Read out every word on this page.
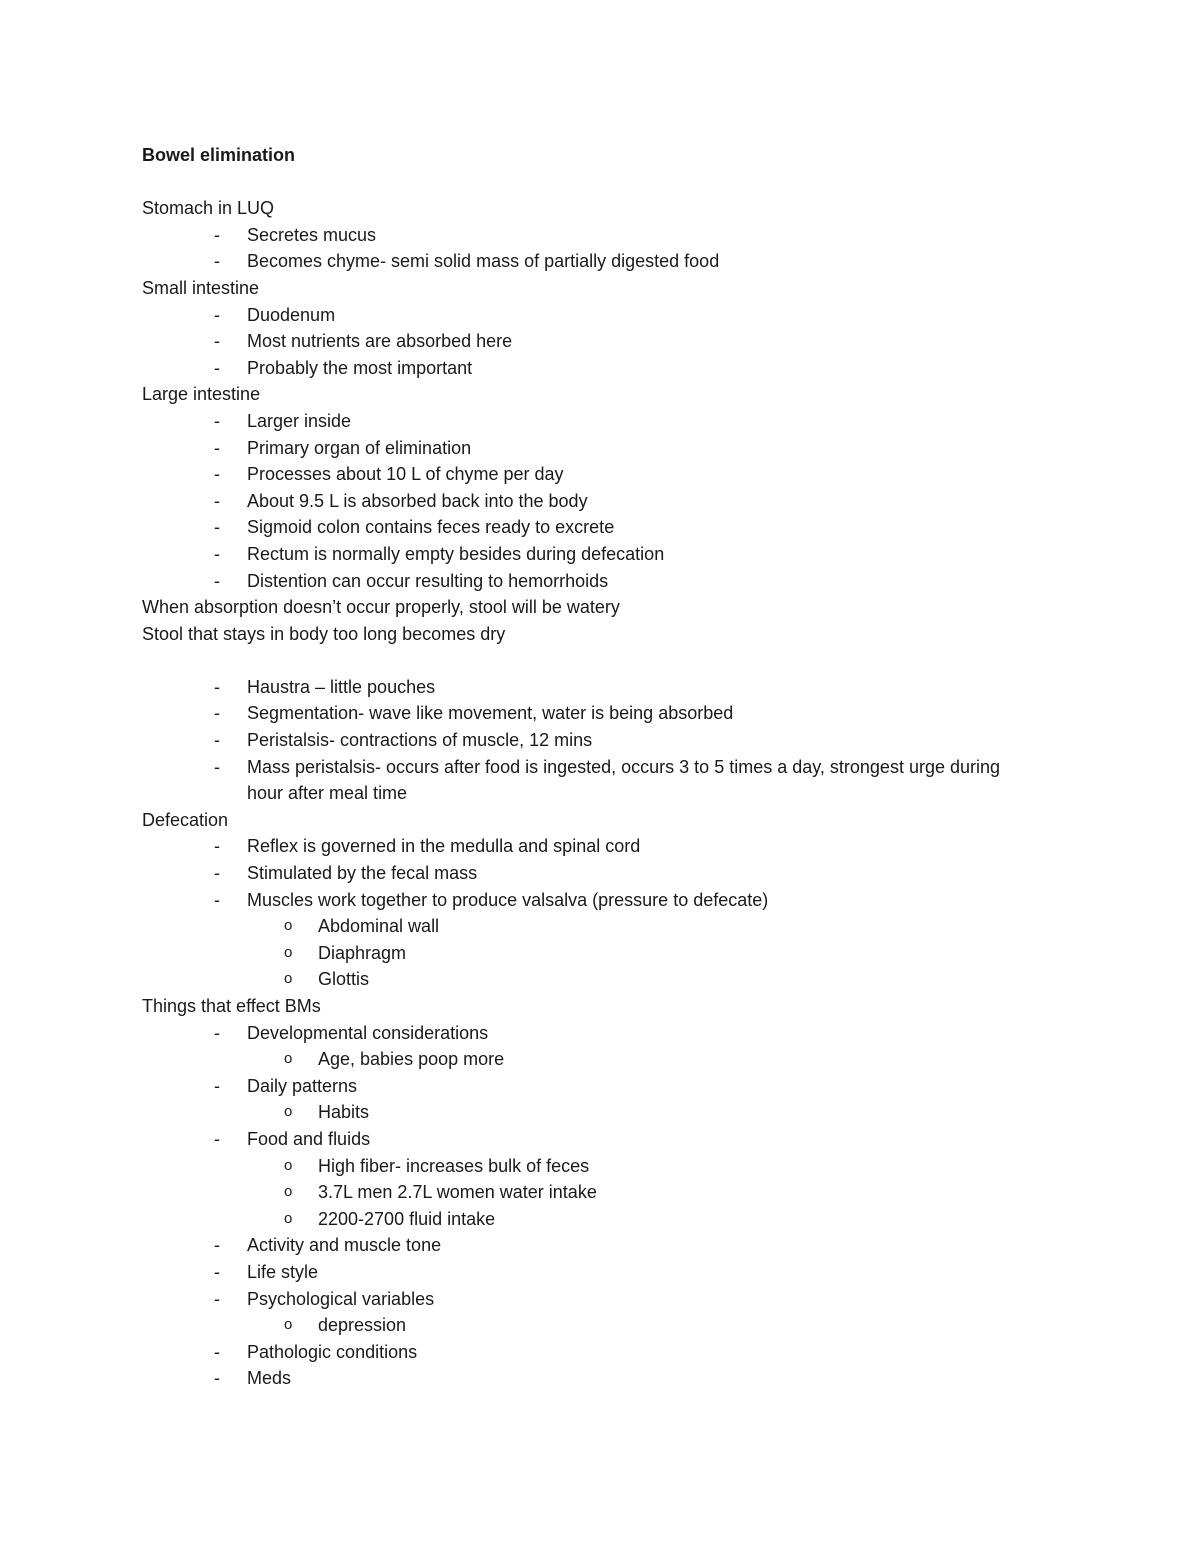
Bowel elimination

Stomach in LUQ

- Secretes mucus

- Becomes chyme- semi solid mass of partially digested food

Small intestine

- Duodenum

- Most nutrients are absorbed here

- Probably the most important

Large intestine

- Larger inside

- Primary organ of elimination

- Processes about 10 L of chyme per day

- About 9.5 L is absorbed back into the body

- Sigmoid colon contains feces ready to excrete

- Rectum is normally empty besides during defecation

- Distention can occur resulting to hemorrhoids

When absorption doesn’t occur properly, stool will be watery

Stool that stays in body too long becomes dry

- Haustra – little pouches

- Segmentation- wave like movement, water is being absorbed

- Peristalsis- contractions of muscle, 12 mins

- Mass peristalsis- occurs after food is ingested, occurs 3 to 5 times a day, strongest urge during hour after meal time

Defecation

- Reflex is governed in the medulla and spinal cord

- Stimulated by the fecal mass

- Muscles work together to produce valsalva (pressure to defecate)

o Abdominal wall

o Diaphragm

o Glottis

Things that effect BMs

- Developmental considerations

o Age, babies poop more

- Daily patterns

o Habits

- Food and fluids

o High fiber- increases bulk of feces

o 3.7L men 2.7L women water intake

o 2200-2700 fluid intake

- Activity and muscle tone

- Life style

- Psychological variables

o depression

- Pathologic conditions

- Meds
